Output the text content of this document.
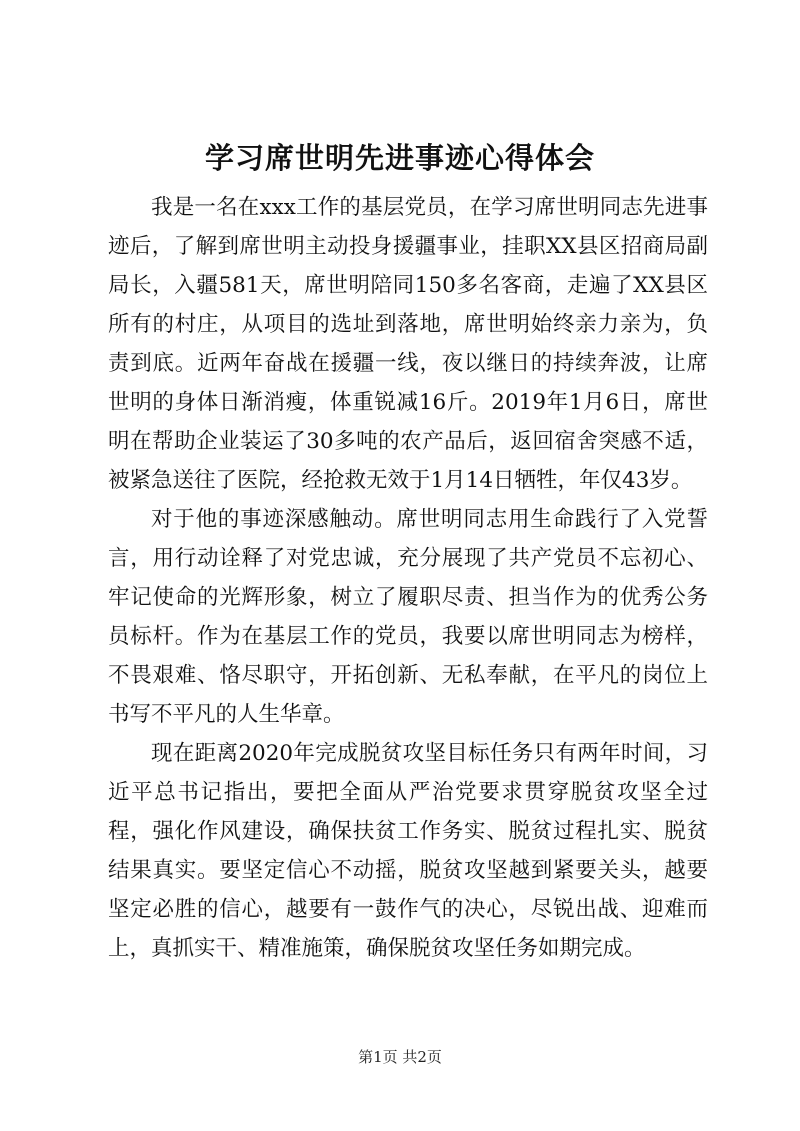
学习席世明先进事迹心得体会

我是一名在xxx工作的基层党员，在学习席世明同志先进事迹后，了解到席世明主动投身援疆事业，挂职XX县区招商局副局长，入疆581天，席世明陪同150多名客商，走遍了XX县区所有的村庄，从项目的选址到落地，席世明始终亲力亲为，负责到底。近两年奋战在援疆一线，夜以继日的持续奔波，让席世明的身体日渐消瘦，体重锐减16斤。2019年1月6日，席世明在帮助企业装运了30多吨的农产品后，返回宿舍突感不适，被紧急送往了医院，经抢救无效于1月14日牺牲，年仅43岁。

对于他的事迹深感触动。席世明同志用生命践行了入党誓言，用行动诠释了对党忠诚，充分展现了共产党员不忘初心、牢记使命的光辉形象，树立了履职尽责、担当作为的优秀公务员标杆。作为在基层工作的党员，我要以席世明同志为榜样，不畏艰难、恪尽职守，开拓创新、无私奉献，在平凡的岗位上书写不平凡的人生华章。

现在距离2020年完成脱贫攻坚目标任务只有两年时间，习近平总书记指出，要把全面从严治党要求贯穿脱贫攻坚全过程，强化作风建设，确保扶贫工作务实、脱贫过程扎实、脱贫结果真实。要坚定信心不动摇，脱贫攻坚越到紧要关头，越要坚定必胜的信心，越要有一鼓作气的决心，尽锐出战、迎难而上，真抓实干、精准施策，确保脱贫攻坚任务如期完成。

第1页 共2页
